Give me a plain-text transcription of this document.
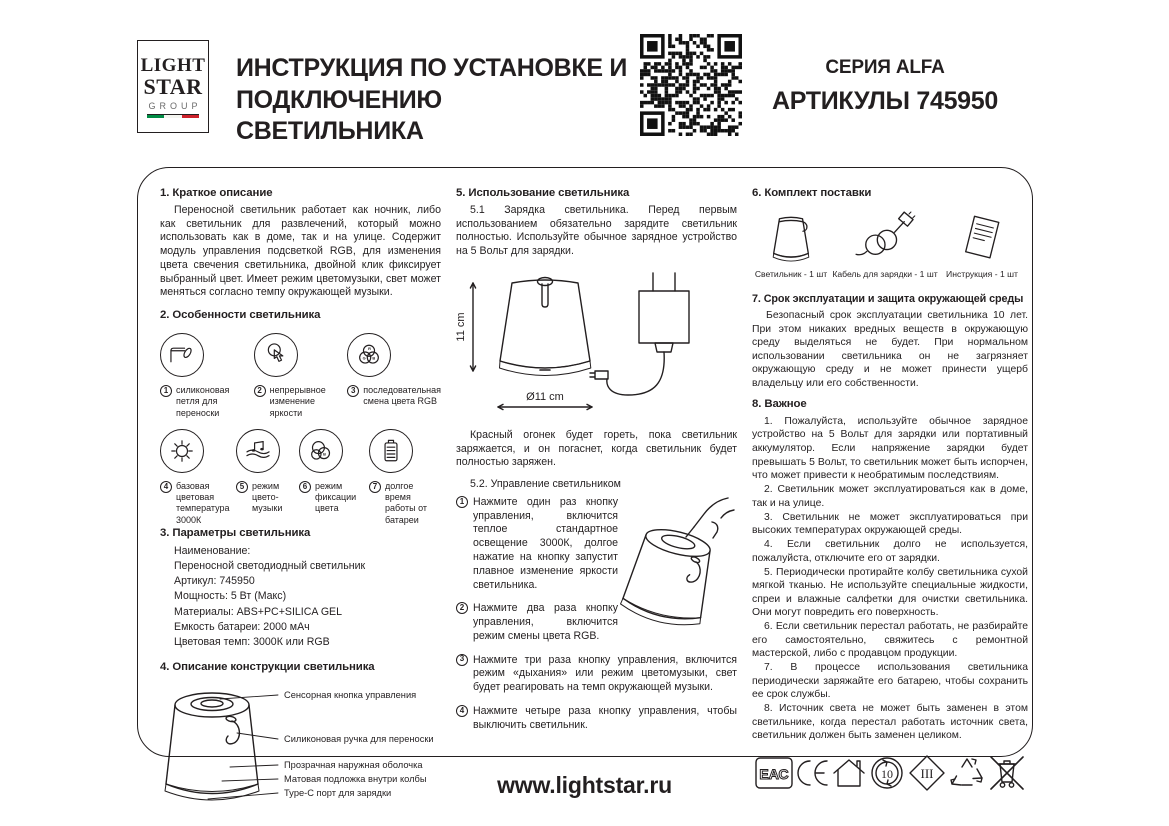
LIGHT
STAR
GROUP
ИНСТРУКЦИЯ ПО УСТАНОВКЕ И
ПОДКЛЮЧЕНИЮ СВЕТИЛЬНИКА
СЕРИЯ ALFA
АРТИКУЛЫ 745950
1. Краткое описание

Переносной светильник работает как ночник, либо как светильник для развлечений, который можно использовать как в доме, так и на улице. Содержит модуль управления подсветкой RGB, для изменения цвета свечения светильника, двойной клик фиксирует выбранный цвет. Имеет режим цветомузыки, свет может меняться согласно темпу окружающей музыки.

2. Особенности светильника
1 силиконовая петля для переноски
2 непрерывное изменение яркости
R
G B
3 последовательная смена цвета RGB
4 базовая цветовая температура 3000К
5 режим цвето- музыки
B
6 режим фиксации цвета
7 долгое время работы от батареи
3. Параметры светильника
Наименование:
Переносной светодиодный светильник
Артикул: 745950
Мощность: 5 Вт (Макс)
Материалы: ABS+PC+SILICA GEL
Емкость батареи: 2000 мАч
Цветовая темп: 3000К или RGB
4. Описание конструкции светильника
Сенсорная кнопка управления
Силиконовая ручка для переноски
Прозрачная наружная оболочка
Матовая подложка внутри колбы
Type-C порт для зарядки
5. Использование светильника

5.1 Зарядка светильника. Перед первым использованием обязательно зарядите светильник полностью. Используйте обычное зарядное устройство на 5 Вольт для зарядки.

11 cm
Ø11 cm

Красный огонек будет гореть, пока светильник заряжается, и он погаснет, когда светильник будет полностью заряжен.

5.2. Управление светильником
1 Нажмите один раз кнопку управления, включится теплое стандартное освещение 3000К, долгое нажатие на кнопку запустит плавное изменение яркости светильника.
2 Нажмите два раза кнопку управления, включится режим смены цвета RGB.
3 Нажмите три раза кнопку управления, включится режим «дыхания» или режим цветомузыки, свет будет реагировать на темп окружающей музыки.
4 Нажмите четыре раза кнопку управления, чтобы выключить светильник.
6. Комплект поставки
Светильник - 1 шт Кабель для зарядки - 1 шт Инструкция - 1 шт
7. Срок эксплуатации и защита окружающей среды

Безопасный срок эксплуатации светильника 10 лет. При этом никаких вредных веществ в окружающую среду выделяться не будет. При нормальном использовании светильника он не загрязняет окружающую среду и не может принести ущерб владельцу или его собственности.

8. Важное

1. Пожалуйста, используйте обычное зарядное устройство на 5 Вольт для зарядки или портативный аккумулятор. Если напряжение зарядки будет превышать 5 Вольт, то светильник может быть испорчен, что может привести к необратимым последствиям.

2. Светильник может эксплуатироваться как в доме, так и на улице.

3. Светильник не может эксплуатироваться при высоких температурах окружающей среды.

4. Если светильник долго не используется, пожалуйста, отключите его от зарядки.

5. Периодически протирайте колбу светильника сухой мягкой тканью. Не используйте специальные жидкости, спреи и влажные салфетки для очистки светильника. Они могут повредить его поверхность.

6. Если светильник перестал работать, не разбирайте его самостоятельно, свяжитесь с ремонтной мастерской, либо с продавцом продукции.

7. В процессе использования светильника периодически заряжайте его батарею, чтобы сохранить ее срок службы.

8. Источник света не может быть заменен в этом светильнике, когда перестал работать источник света, светильник должен быть заменен целиком.

ЕАС	10 III
www.lightstar.ru
